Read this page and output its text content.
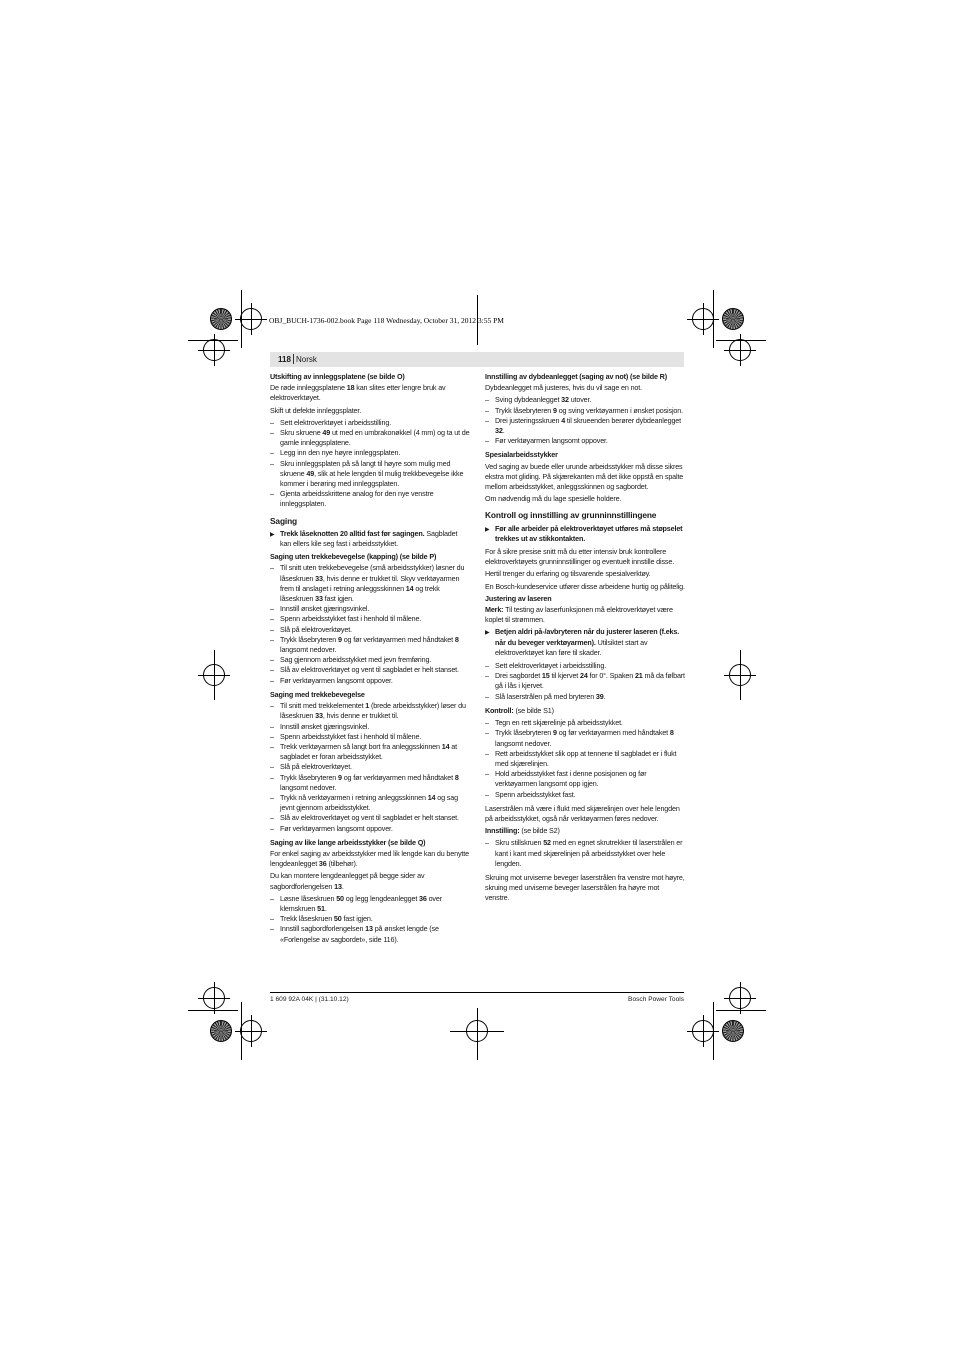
OBJ_BUCH-1736-002.book Page 118 Wednesday, October 31, 2012 3:55 PM
118 Norsk

Utskifting av innleggsplatene (se bilde O)

De røde innleggsplatene 18 kan slites etter lengre bruk av elektroverktøyet.

Skift ut defekte innleggsplater.

– Sett elektroverktøyet i arbeidsstilling.
– Skru skruene 49 ut med en umbrakonøkkel (4 mm) og ta ut de gamle innleggsplatene.
– Legg inn den nye høyre innleggsplaten.
– Skru innleggsplaten på så langt til høyre som mulig med skruene 49, slik at hele lengden til mulig trekkbevegelse ikke kommer i berøring med innleggsplaten.
– Gjenta arbeidsskrittene analog for den nye venstre innleggsplaten.

Saging

▶ Trekk låseknotten 20 alltid fast før sagingen. Sagbladet kan ellers kile seg fast i arbeidsstykket.

Saging uten trekkebevegelse (kapping) (se bilde P)

– Til snitt uten trekkebevegelse (små arbeidsstykker) løsner du låseskruen 33, hvis denne er trukket til. Skyv verktøyarmen frem til anslaget i retning anleggsskinnen 14 og trekk låseskruen 33 fast igjen.
– Innstill ønsket gjæringsvinkel.
– Spenn arbeidsstykket fast i henhold til målene.
– Slå på elektroverktøyet.
– Trykk låsebryteren 9 og før verktøyarmen med håndtaket 8 langsomt nedover.
– Sag gjennom arbeidsstykket med jevn fremføring.
– Slå av elektroverktøyet og vent til sagbladet er helt stanset.
– Før verktøyarmen langsomt oppover.

Saging med trekkebevegelse

– Til snitt med trekkelementet 1 (brede arbeidsstykker) løser du låseskruen 33, hvis denne er trukket til.
– Innstill ønsket gjæringsvinkel.
– Spenn arbeidsstykket fast i henhold til målene.
– Trekk verktøyarmen så langt bort fra anleggsskinnen 14 at sagbladet er foran arbeidsstykket.
– Slå på elektroverktøyet.
– Trykk låsebryteren 9 og før verktøyarmen med håndtaket 8 langsomt nedover.
– Trykk nå verktøyarmen i retning anleggsskinnen 14 og sag jevnt gjennom arbeidsstykket.
– Slå av elektroverktøyet og vent til sagbladet er helt stanset.
– Før verktøyarmen langsomt oppover.

Saging av like lange arbeidsstykker (se bilde Q)

For enkel saging av arbeidsstykker med lik lengde kan du benytte lengdeanlegget 36 (tilbehør).

Du kan montere lengdeanlegget på begge sider av sagbordforlengelsen 13.

– Løsne låseskruen 50 og legg lengdeanlegget 36 over klemskruen 51.
– Trekk låseskruen 50 fast igjen.
– Innstill sagbordforlengelsen 13 på ønsket lengde (se «Forlengelse av sagbordet», side 116).

Innstilling av dybdeanlegget (saging av not) (se bilde R)

Dybdeanlegget må justeres, hvis du vil sage en not.

– Sving dybdeanlegget 32 utover.
– Trykk låsebryteren 9 og sving verktøyarmen i ønsket posisjon.
– Drei justeringsskruen 4 til skrueenden berører dybdeanlegget 32.
– Før verktøyarmen langsomt oppover.

Spesialarbeidsstykker

Ved saging av buede eller urunde arbeidsstykker må disse sikres ekstra mot gliding. På skjærekanten må det ikke oppstå en spalte mellom arbeidsstykket, anleggsskinnen og sagbordet.

Om nødvendig må du lage spesielle holdere.

Kontroll og innstilling av grunninnstillingene

▶ Før alle arbeider på elektroverktøyet utføres må støpselet trekkes ut av stikkontakten.

For å sikre presise snitt må du etter intensiv bruk kontrollere elektroverktøyets grunninnstillinger og eventuelt innstille disse.

Hertil trenger du erfaring og tilsvarende spesialverktøy.

En Bosch-kundeservice utfører disse arbeidene hurtig og pålitelig.

Justering av laseren

Merk: Til testing av laserfunksjonen må elektroverktøyet være koplet til strømmen.

▶ Betjen aldri på-/avbryteren når du justerer laseren (f.eks. når du beveger verktøyarmen). Utilsiktet start av elektroverktøyet kan føre til skader.

– Sett elektroverktøyet i arbeidsstilling.
– Drei sagbordet 15 til kjervet 24 for 0°. Spaken 21 må da følbart gå i lås i kjervet.
– Slå laserstrålen på med bryteren 39.

Kontroll: (se bilde S1)

– Tegn en rett skjærelinje på arbeidsstykket.
– Trykk låsebryteren 9 og før verktøyarmen med håndtaket 8 langsomt nedover.
– Rett arbeidsstykket slik opp at tennene til sagbladet er i flukt med skjærelinjen.
– Hold arbeidsstykket fast i denne posisjonen og før verktøyarmen langsomt opp igjen.
– Spenn arbeidsstykket fast.

Laserstrålen må være i flukt med skjærelinjen over hele lengden på arbeidsstykket, også når verktøyarmen føres nedover.

Innstilling: (se bilde S2)

– Skru stillskruen 52 med en egnet skrutrekker til laserstrålen er kant i kant med skjærelinjen på arbeidsstykket over hele lengden.

Skruing mot urviserne beveger laserstrålen fra venstre mot høyre, skruing med urviserne beveger laserstrålen fra høyre mot venstre.

1 609 92A 04K | (31.10.12)	Bosch Power Tools
